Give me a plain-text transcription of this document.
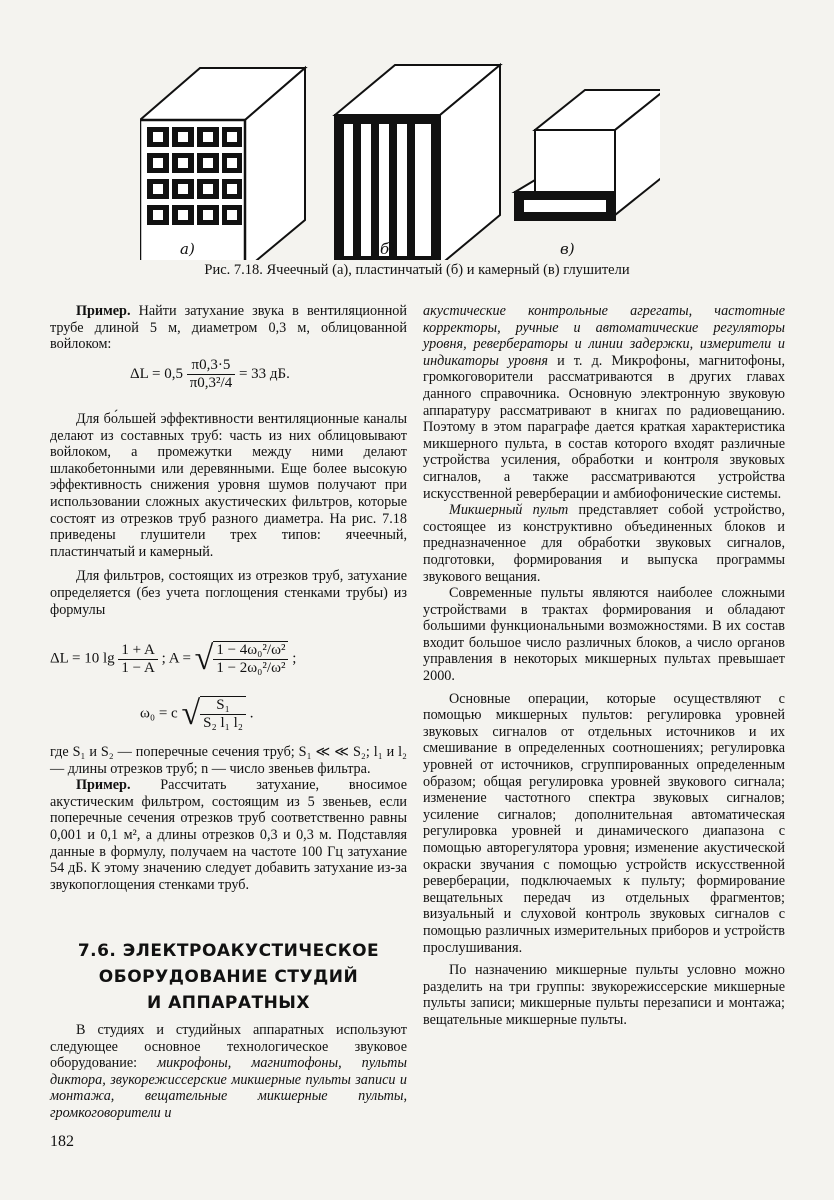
а)	б)	в)
Рис. 7.18. Ячеечный (а), пластинчатый (б) и камерный (в) глушители

Пример. Найти затухание звука в вентиляционной трубе длиной 5 м, диаметром 0,3 м, облицованной войлоком:

$\Delta L = 0,5 \frac{\pi 0,3\cdot 5}{\text{π0,3²/4}} = 33$ дБ.

Для бо́льшей эффективности вентиляционные каналы делают из составных труб: часть из них облицовывают войлоком, а промежутки между ними делают шлакобетонными или деревянными. Еще более высокую эффективность снижения уровня шумов получают при использовании сложных акустических фильтров, которые состоят из отрезков труб разного диаметра. На рис. 7.18 приведены глушители трех типов: ячеечный, пластинчатый и камерный.

Для фильтров, состоящих из отрезков труб, затухание определяется (без учета поглощения стенками трубы) из формулы

ΔL = 10 $\lg \frac{1 + A}{1 - A}$ ; A = √ $\frac{\text{1 − 4ω₀²/ω²}}{\text{1 − 2ω₀²/ω²}}$ ;
ω₀ = c √ $\frac{\text{S₁}}{\text{S₂ l₁ l₂}}$ .

где S₁ и S₂ — поперечные сечения труб; S₁ ≪ ≪ S₂; l₁ и l₂ — длины отрезков труб; n — число звеньев фильтра.

Пример. Рассчитать затухание, вносимое акустическим фильтром, состоящим из 5 звеньев, если поперечные сечения отрезков труб соответственно равны 0,001 и 0,1 м², а длины отрезков 0,3 и 0,3 м. Подставляя данные в формулу, получаем на частоте 100 Гц затухание 54 дБ. К этому значению следует добавить затухание из-за звукопоглощения стенками труб.

7.6. ЭЛЕКТРОАКУСТИЧЕСКОЕ
ОБОРУДОВАНИЕ СТУДИЙ
И АППАРАТНЫХ

В студиях и студийных аппаратных используют следующее основное технологическое звуковое оборудование: микрофоны, магнитофоны, пульты диктора, звукорежиссерские микшерные пульты записи и монтажа, вещательные микшерные пульты, громкоговорители и

акустические контрольные агрегаты, частотные корректоры, ручные и автоматические регуляторы уровня, ревербераторы и линии задержки, измерители и индикаторы уровня и т. д. Микрофоны, магнитофоны, громкоговорители рассматриваются в других главах данного справочника. Основную электронную звуковую аппаратуру рассматривают в книгах по радиовещанию. Поэтому в этом параграфе дается краткая характеристика микшерного пульта, в состав которого входят различные устройства усиления, обработки и контроля звуковых сигналов, а также рассматриваются устройства искусственной реверберации и амбиофонические системы.

Микшерный пульт представляет собой устройство, состоящее из конструктивно объединенных блоков и предназначенное для обработки звуковых сигналов, подготовки, формирования и выпуска программы звукового вещания.

Современные пульты являются наиболее сложными устройствами в трактах формирования и обладают большими функциональными возможностями. В их состав входит большое число различных блоков, а число органов управления в некоторых микшерных пультах превышает 2000.

Основные операции, которые осуществляют с помощью микшерных пультов: регулировка уровней звуковых сигналов от отдельных источников и их смешивание в определенных соотношениях; регулировка уровней от источников, сгруппированных определенным образом; общая регулировка уровней звукового сигнала; изменение частотного спектра звуковых сигналов; усиление сигналов; дополнительная автоматическая регулировка уровней и динамического диапазона с помощью авторегулятора уровня; изменение акустической окраски звучания с помощью устройств искусственной реверберации, подключаемых к пульту; формирование вещательных передач из отдельных фрагментов; визуальный и слуховой контроль звуковых сигналов с помощью различных измерительных приборов и устройств прослушивания.

По назначению микшерные пульты условно можно разделить на три группы: звукорежиссерские микшерные пульты записи; микшерные пульты перезаписи и монтажа; вещательные микшерные пульты.

182
